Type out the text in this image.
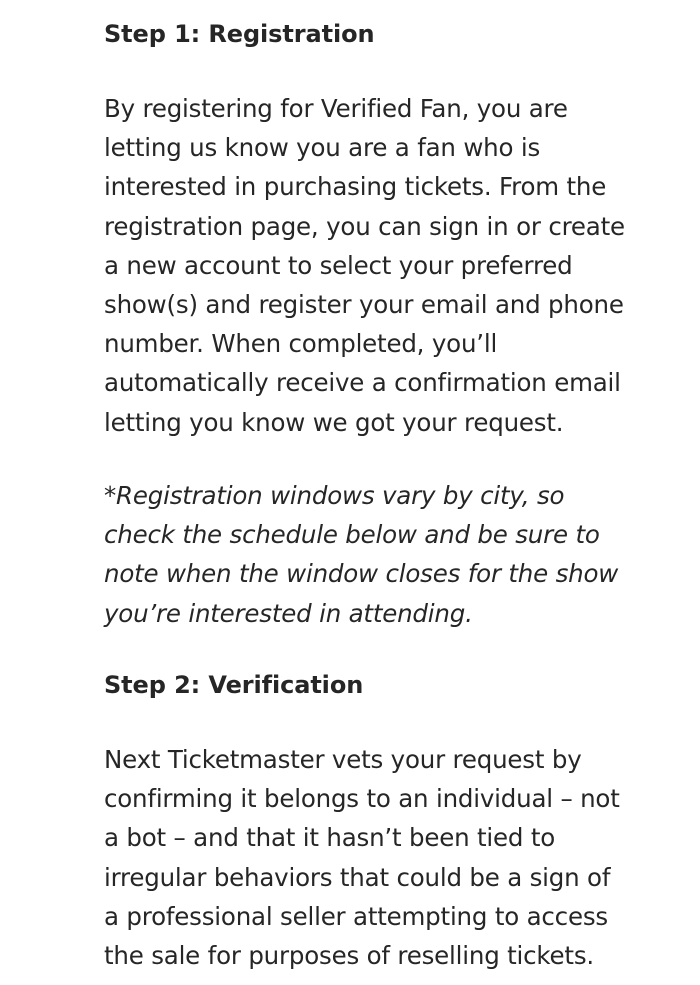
Step 1: Registration

By registering for Verified Fan, you are
letting us know you are a fan who is
interested in purchasing tickets. From the
registration page, you can sign in or create
a new account to select your preferred
show(s) and register your email and phone
number. When completed, you’ll
automatically receive a confirmation email
letting you know we got your request.

*Registration windows vary by city, so
check the schedule below and be sure to
note when the window closes for the show
you’re interested in attending.

Step 2: Verification

Next Ticketmaster vets your request by
confirming it belongs to an individual – not
a bot – and that it hasn’t been tied to
irregular behaviors that could be a sign of
a professional seller attempting to access
the sale for purposes of reselling tickets.
